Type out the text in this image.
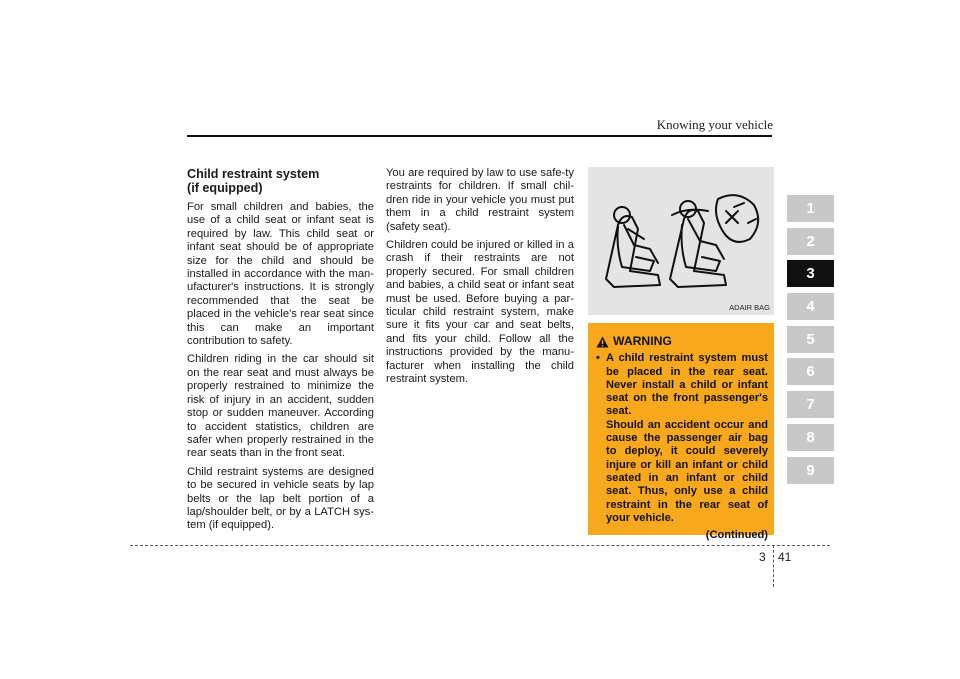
Knowing your vehicle
Child restraint system
(if equipped)

For small children and babies, the use of a child seat or infant seat is required by law. This child seat or infant seat should be of appropriate size for the child and should be installed in accordance with the man-ufacturer's instructions. It is strongly recommended that the seat be placed in the vehicle's rear seat since this can make an important contribution to safety.

Children riding in the car should sit on the rear seat and must always be properly restrained to minimize the risk of injury in an accident, sudden stop or sudden maneuver. According to accident statistics, children are safer when properly restrained in the rear seats than in the front seat.

Child restraint systems are designed to be secured in vehicle seats by lap belts or the lap belt portion of a lap/shoulder belt, or by a LATCH sys-tem (if equipped).

You are required by law to use safe-ty restraints for children. If small chil-dren ride in your vehicle you must put them in a child restraint system (safety seat).

Children could be injured or killed in a crash if their restraints are not properly secured. For small children and babies, a child seat or infant seat must be used. Before buying a par-ticular child restraint system, make sure it fits your car and seat belts, and fits your child. Follow all the instructions provided by the manu-facturer when installing the child restraint system.

ADAIR BAG
WARNING
• A child restraint system must be placed in the rear seat. Never install a child or infant seat on the front passenger's seat.

Should an accident occur and cause the passenger air bag to deploy, it could severely injure or kill an infant or child seated in an infant or child seat. Thus, only use a child restraint in the rear seat of your vehicle.

(Continued)
1
2
3
4
5
6
7
8
9
3 41
